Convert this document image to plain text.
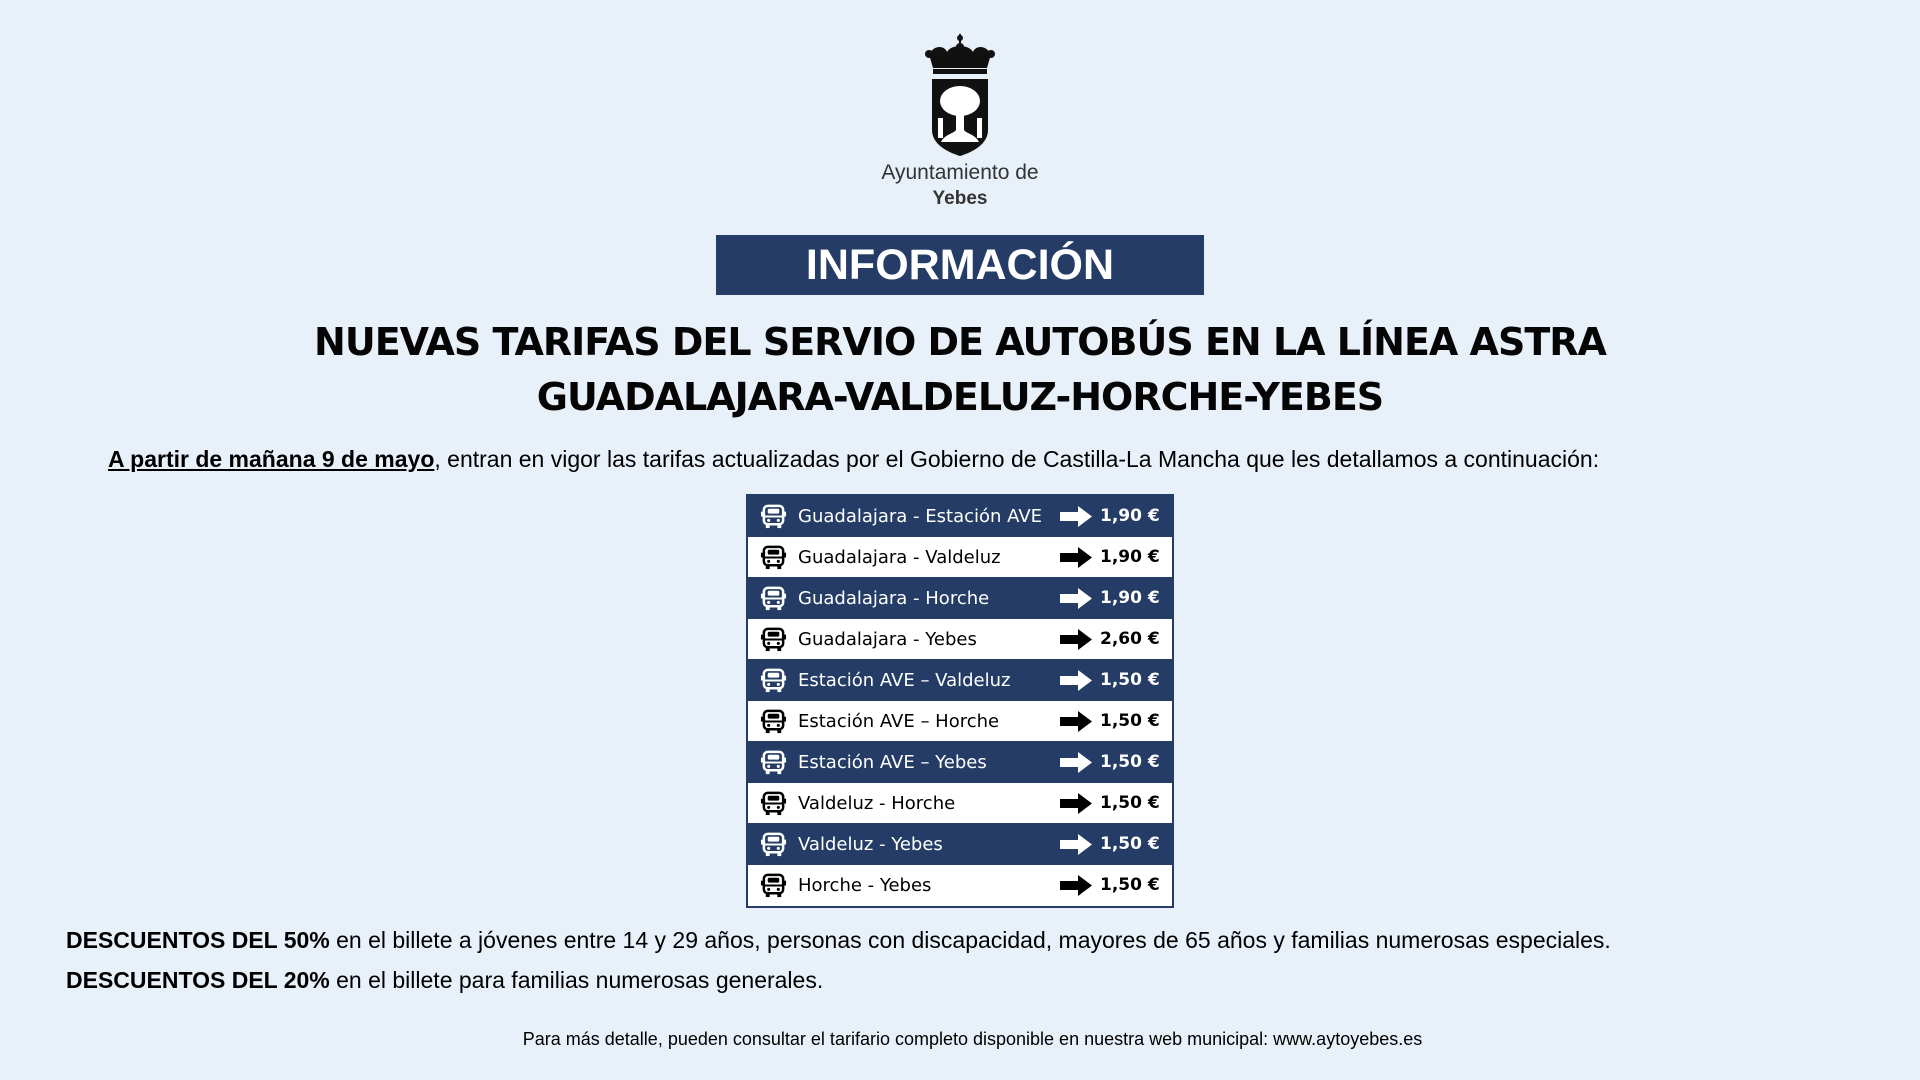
Ayuntamiento de
Yebes
INFORMACIÓN
NUEVAS TARIFAS DEL SERVIO DE AUTOBÚS EN LA LÍNEA ASTRA
GUADALAJARA-VALDELUZ-HORCHE-YEBES
A partir de mañana 9 de mayo, entran en vigor las tarifas actualizadas por el Gobierno de Castilla-La Mancha que les detallamos a continuación:
Guadalajara - Estación AVE	1,90 €
Guadalajara - Valdeluz	1,90 €
Guadalajara - Horche	1,90 €
Guadalajara - Yebes	2,60 €
Estación AVE – Valdeluz	1,50 €
Estación AVE – Horche	1,50 €
Estación AVE – Yebes	1,50 €
Valdeluz - Horche	1,50 €
Valdeluz - Yebes	1,50 €
Horche - Yebes	1,50 €
DESCUENTOS DEL 50% en el billete a jóvenes entre 14 y 29 años, personas con discapacidad, mayores de 65 años y familias numerosas especiales.
DESCUENTOS DEL 20% en el billete para familias numerosas generales.
Para más detalle, pueden consultar el tarifario completo disponible en nuestra web municipal: www.aytoyebes.es
